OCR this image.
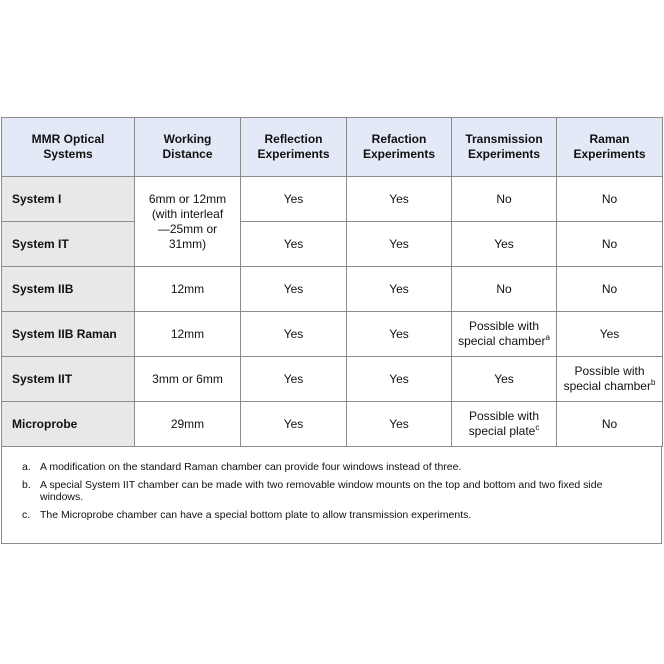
MMR Optical Systems	Working Distance	Reflection Experiments	Refaction Experiments	Transmission Experiments	Raman Experiments
System I	6mm or 12mm (with interleaf—25mm or 31mm)	Yes	Yes	No	No
System IT		Yes	Yes	Yes	No
System IIB	12mm	Yes	Yes	No	No
System IIB Raman	12mm	Yes	Yes	Possible with special chamber$^a$	Yes
System IIT	3mm or 6mm	Yes	Yes	Yes	Possible with special chamber$^b$
Microprobe	29mm	Yes	Yes	Possible with special plate$^c$	No
a. A modification on the standard Raman chamber can provide four windows instead of three.
b. A special System IIT chamber can be made with two removable window mounts on the top and bottom and two fixed side windows.
c. The Microprobe chamber can have a special bottom plate to allow transmission experiments.
